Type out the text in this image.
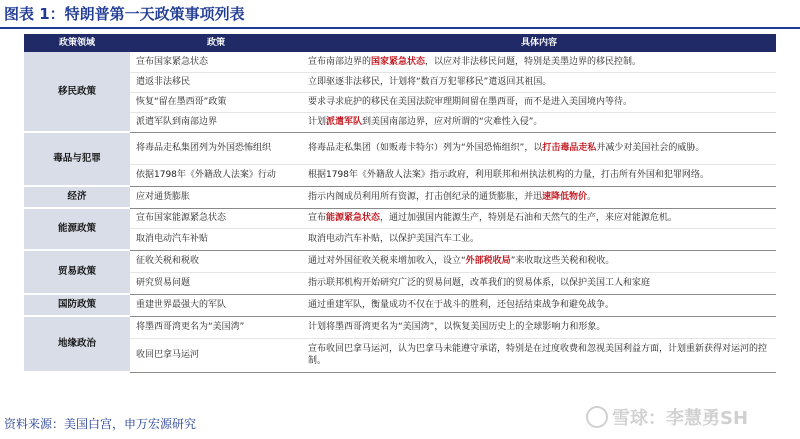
图表 1：特朗普第一天政策事项列表
政策领域	政策	具体内容
移民政策	宣布国家紧急状态	宣布南部边界的国家紧急状态，以应对非法移民问题，特别是美墨边界的移民控制。
	遣返非法移民	立即驱逐非法移民，计划将“数百万犯罪移民”遣返回其祖国。
	恢复“留在墨西哥”政策	要求寻求庇护的移民在美国法院审理期间留在墨西哥，而不是进入美国境内等待。
	派遣军队到南部边界	计划派遣军队到美国南部边界，应对所谓的“灾难性入侵”。
毒品与犯罪	将毒品走私集团列为外国恐怖组织	将毒品走私集团（如贩毒卡特尔）列为“外国恐怖组织”，以打击毒品走私并减少对美国社会的威胁。
	依据1798年《外籍敌人法案》行动	根据1798年《外籍敌人法案》指示政府，利用联邦和州执法机构的力量，打击所有外国和犯罪网络。
经济	应对通货膨胀	指示内阁成员利用所有资源，打击创纪录的通货膨胀，并迅速降低物价。
能源政策	宣布国家能源紧急状态	宣布能源紧急状态，通过加强国内能源生产，特别是石油和天然气的生产，来应对能源危机。
	取消电动汽车补贴	取消电动汽车补贴，以保护美国汽车工业。
贸易政策	征收关税和税收	通过对外国征收关税来增加收入，设立“外部税收局”来收取这些关税和税收。
	研究贸易问题	指示联邦机构开始研究广泛的贸易问题，改革我们的贸易体系，以保护美国工人和家庭
国防政策	重建世界最强大的军队	通过重建军队，衡量成功不仅在于战斗的胜利，还包括结束战争和避免战争。
地缘政治	将墨西哥湾更名为“美国湾”	计划将墨西哥湾更名为“美国湾”，以恢复美国历史上的全球影响力和形象。
	收回巴拿马运河	宣布收回巴拿马运河，认为巴拿马未能遵守承诺，特别是在过度收费和忽视美国利益方面，计划重新获得对运河的控制。
资料来源：美国白宫，申万宏源研究	雪球：李慧勇SH
